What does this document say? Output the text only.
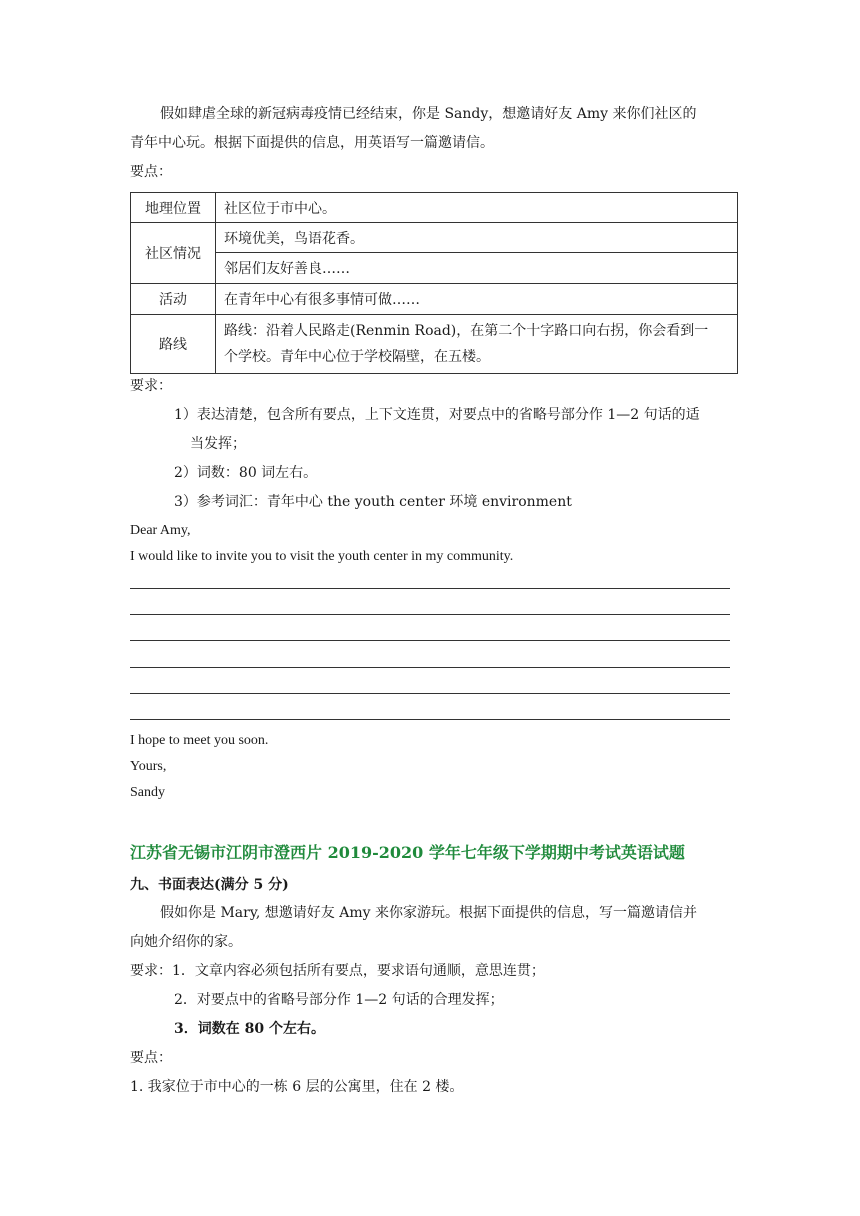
假如肆虐全球的新冠病毒疫情已经结束，你是 Sandy，想邀请好友 Amy 来你们社区的
青年中心玩。根据下面提供的信息，用英语写一篇邀请信。
要点：
地理位置	社区位于市中心。
社区情况	环境优美，鸟语花香。
	邻居们友好善良……
活动	在青年中心有很多事情可做……
路线	路线：沿着人民路走(Renmin Road)，在第二个十字路口向右拐，你会看到一
个学校。青年中心位于学校隔壁，在五楼。
要求：
1）表达清楚，包含所有要点，上下文连贯，对要点中的省略号部分作 1—2 句话的适
当发挥；
2）词数：80 词左右。
3）参考词汇：青年中心 the youth center 环境 environment
Dear Amy,
I would like to invite you to visit the youth center in my community.
I hope to meet you soon.
Yours,
Sandy
江苏省无锡市江阴市澄西片 2019-2020 学年七年级下学期期中考试英语试题
九、书面表达(满分 5 分)
假如你是 Mary, 想邀请好友 Amy 来你家游玩。根据下面提供的信息，写一篇邀请信并
向她介绍你的家。
要求：1．文章内容必须包括所有要点，要求语句通顺，意思连贯；
2．对要点中的省略号部分作 1—2 句话的合理发挥；
3．词数在 80 个左右。
要点：
1. 我家位于市中心的一栋 6 层的公寓里，住在 2 楼。
